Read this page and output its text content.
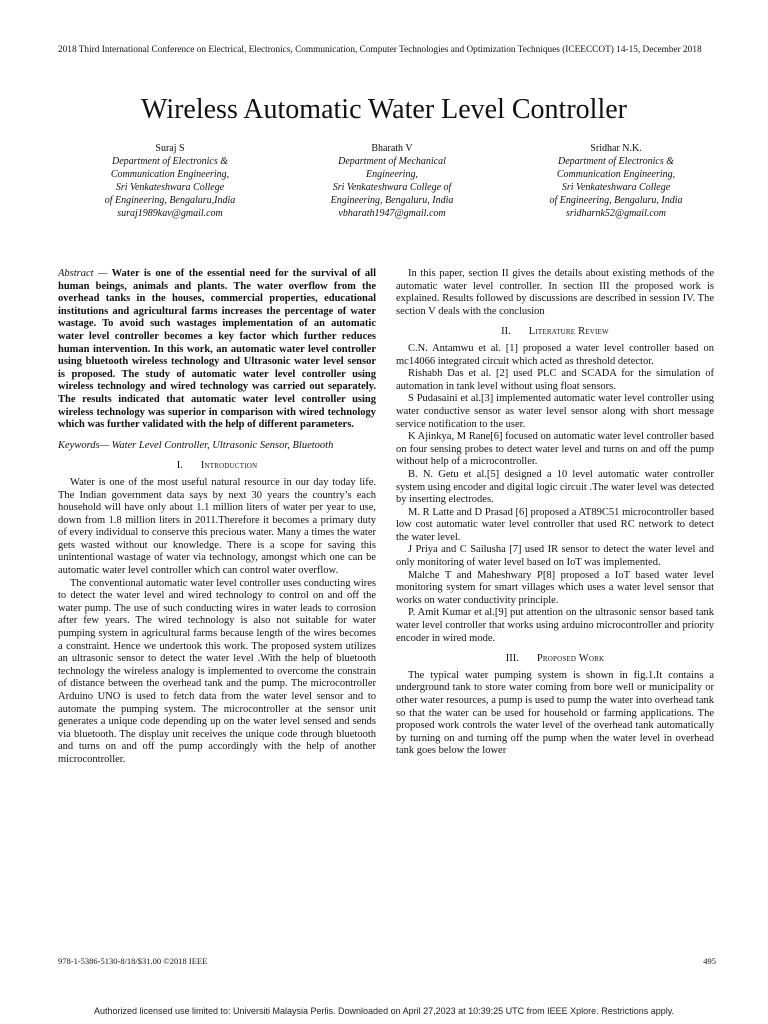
2018 Third International Conference on Electrical, Electronics, Communication, Computer Technologies and Optimization Techniques (ICEECCOT) 14-15, December 2018
Wireless Automatic Water Level Controller
Suraj S
Department of Electronics &
Communication Engineering,
Sri Venkateshwara College
of Engineering, Bengaluru,India
suraj1989kav@gmail.com
Bharath V
Department of Mechanical
Engineering,
Sri Venkateshwara College of
Engineering, Bengaluru, India
vbharath1947@gmail.com
Sridhar N.K.
Department of Electronics &
Communication Engineering,
Sri Venkateshwara College
of Engineering, Bengaluru, India
sridharnk52@gmail.com

Abstract — Water is one of the essential need for the survival of all human beings, animals and plants. The water overflow from the overhead tanks in the houses, commercial properties, educational institutions and agricultural farms increases the percentage of water wastage. To avoid such wastages implementation of an automatic water level controller becomes a key factor which further reduces human intervention. In this work, an automatic water level controller using bluetooth wireless technology and Ultrasonic water level sensor is proposed. The study of automatic water level controller using wireless technology and wired technology was carried out separately. The results indicated that automatic water level controller using wireless technology was superior in comparison with wired technology which was further validated with the help of different parameters.

Keywords— Water Level Controller, Ultrasonic Sensor, Bluetooth

I. Introduction

Water is one of the most useful natural resource in our day today life. The Indian government data says by next 30 years the country’s each household will have only about 1.1 million liters of water per year to use, down from 1.8 million liters in 2011.Therefore it becomes a primary duty of every individual to conserve this precious water. Many a times the water gets wasted without our knowledge. There is a scope for saving this unintentional wastage of water via technology, amongst which one can be automatic water level controller which can control water overflow.

The conventional automatic water level controller uses conducting wires to detect the water level and wired technology to control on and off the water pump. The use of such conducting wires in water leads to corrosion after few years. The wired technology is also not suitable for water pumping system in agricultural farms because length of the wires becomes a constraint. Hence we undertook this work. The proposed system utilizes an ultrasonic sensor to detect the water level .With the help of bluetooth technology the wireless analogy is implemented to overcome the constrain of distance between the overhead tank and the pump. The microcontroller Arduino UNO is used to fetch data from the water level sensor and to automate the pumping system. The microcontroller at the sensor unit generates a unique code depending up on the water level sensed and sends via bluetooth. The display unit receives the unique code through bluetooth and turns on and off the pump accordingly with the help of another microcontroller.

In this paper, section II gives the details about existing methods of the automatic water level controller. In section III the proposed work is explained. Results followed by discussions are described in session IV. The section V deals with the conclusion

II. Literature Review

C.N. Antamwu et al. [1] proposed a water level controller based on mc14066 integrated circuit which acted as threshold detector.

Rishabh Das et al. [2] used PLC and SCADA for the simulation of automation in tank level without using float sensors.

S Pudasaini et al.[3] implemented automatic water level controller using water conductive sensor as water level sensor along with short message service notification to the user.

K Ajinkya, M Rane[6] focused on automatic water level controller based on four sensing probes to detect water level and turns on and off the pump without help of a microcontroller.

B. N. Getu et al.[5] designed a 10 level automatic water controller system using encoder and digital logic circuit .The water level was detected by inserting electrodes.

M. R Latte and D Prasad [6] proposed a AT89C51 microcontroller based low cost automatic water level controller that used RC network to detect the water level.

J Priya and C Sailusha [7] used IR sensor to detect the water level and only monitoring of water level based on IoT was implemented.

Malche T and Maheshwary P[8] proposed a IoT based water level monitoring system for smart villages which uses a water level sensor that works on water conductivity principle.

P. Amit Kumar et al.[9] put attention on the ultrasonic sensor based tank water level controller that works using arduino microcontroller and priority encoder in wired mode.

III. Proposed Work

The typical water pumping system is shown in fig.1.It contains a underground tank to store water coming from bore well or municipality or other water resources, a pump is used to pump the water into overhead tank so that the water can be used for household or farming applications. The proposed work controls the water level of the overhead tank automatically by turning on and turning off the pump when the water level in overhead tank goes below the lower

978-1-5386-5130-8/18/$31.00 ©2018 IEEE	495
Authorized licensed use limited to: Universiti Malaysia Perlis. Downloaded on April 27,2023 at 10:39:25 UTC from IEEE Xplore. Restrictions apply.
